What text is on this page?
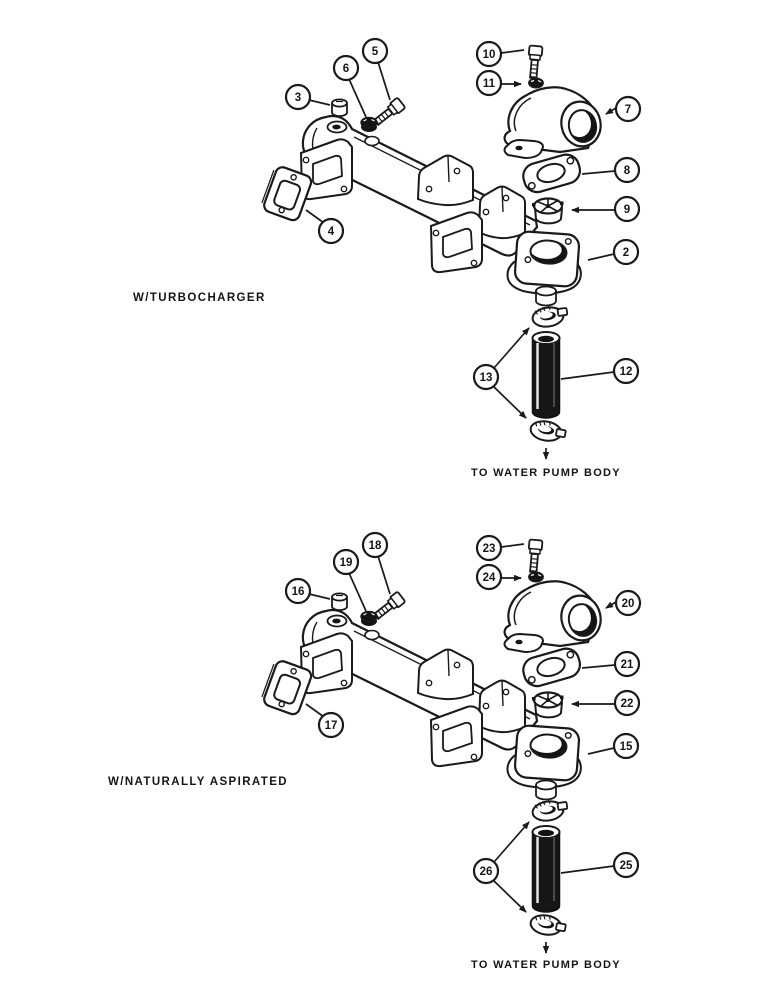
3
5
6
10
11
7
8
9
2
4
13	12
W/TURBOCHARGER
TO WATER PUMP BODY
16
18
19
23
24
20
21
22
15
17
26	25
W/NATURALLY ASPIRATED
TO WATER PUMP BODY
